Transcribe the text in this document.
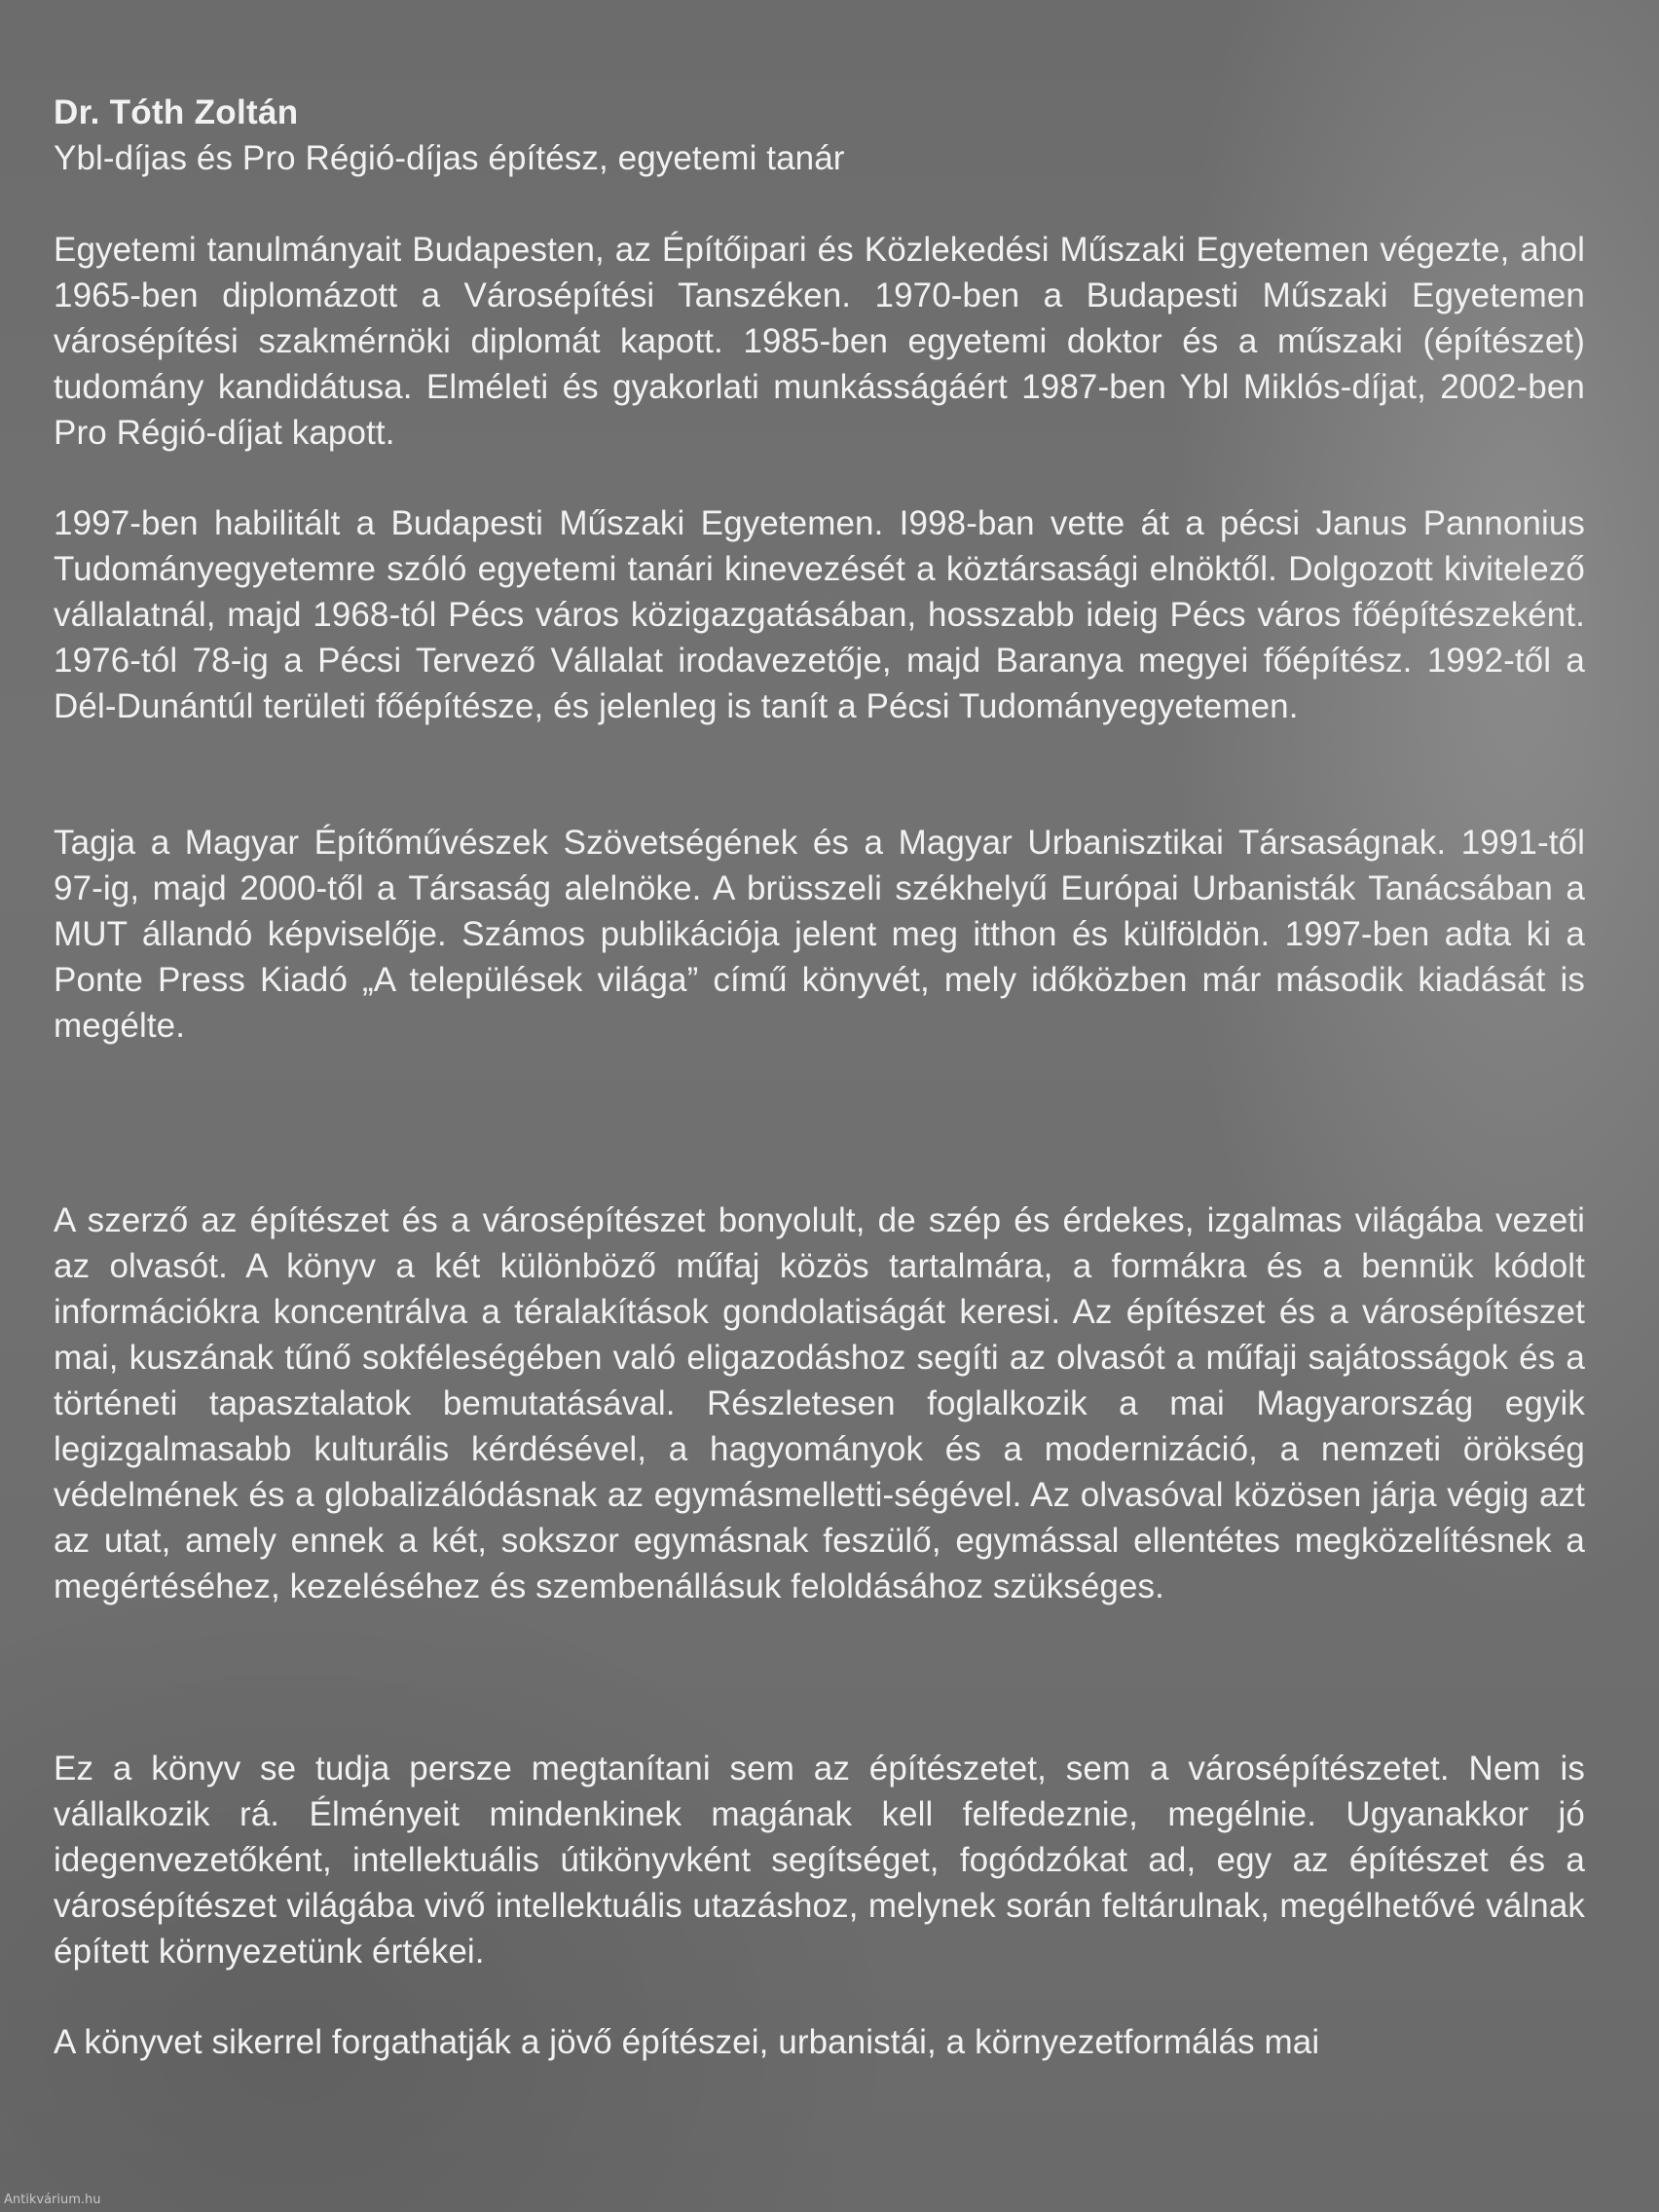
Dr. Tóth Zoltán
Ybl-díjas és Pro Régió-díjas építész, egyetemi tanár

Egyetemi tanulmányait Budapesten, az Építőipari és Közlekedési Műszaki Egyetemen végezte, ahol 1965-ben diplomázott a Városépítési Tanszéken. 1970-ben a Budapesti Műszaki Egyetemen városépítési szakmérnöki diplomát kapott. 1985-ben egyetemi doktor és a műszaki (építészet) tudomány kandidátusa. Elméleti és gyakorlati munkásságáért 1987-ben Ybl Miklós-díjat, 2002-ben Pro Régió-díjat kapott.

1997-ben habilitált a Budapesti Műszaki Egyetemen. I998-ban vette át a pécsi Janus Pannonius Tudományegyetemre szóló egyetemi tanári kinevezését a köztársasági elnöktől. Dolgozott kivitelező vállalatnál, majd 1968-tól Pécs város közigazgatásában, hosszabb ideig Pécs város főépítészeként. 1976-tól 78-ig a Pécsi Tervező Vállalat irodavezetője, majd Baranya megyei főépítész. 1992-től a Dél-Dunántúl területi főépítésze, és jelenleg is tanít a Pécsi Tudományegyetemen.

Tagja a Magyar Építőművészek Szövetségének és a Magyar Urbanisztikai Társaságnak. 1991-től 97-ig, majd 2000-től a Társaság alelnöke. A brüsszeli székhelyű Európai Urbanisták Tanácsában a MUT állandó képviselője. Számos publikációja jelent meg itthon és külföldön. 1997-ben adta ki a Ponte Press Kiadó „A települések világa” című könyvét, mely időközben már második kiadását is megélte.

A szerző az építészet és a városépítészet bonyolult, de szép és érdekes, izgalmas világába vezeti az olvasót. A könyv a két különböző műfaj közös tartalmára, a formákra és a bennük kódolt információkra koncentrálva a téralakítások gondolatiságát keresi. Az építészet és a városépítészet mai, kuszának tűnő sokféleségében való eligazodáshoz segíti az olvasót a műfaji sajátosságok és a történeti tapasztalatok bemutatásával. Részletesen foglalkozik a mai Magyarország egyik legizgalmasabb kulturális kérdésével, a hagyományok és a modernizáció, a nemzeti örökség védelmének és a globalizálódásnak az egymásmelletti-ségével. Az olvasóval közösen járja végig azt az utat, amely ennek a két, sokszor egymásnak feszülő, egymással ellentétes megközelítésnek a megértéséhez, kezeléséhez és szembenállásuk feloldásához szükséges.

Ez a könyv se tudja persze megtanítani sem az építészetet, sem a városépítészetet. Nem is vállalkozik rá. Élményeit mindenkinek magának kell felfedeznie, megélnie. Ugyanakkor jó idegenvezetőként, intellektuális útikönyvként segítséget, fogódzókat ad, egy az építészet és a városépítészet világába vivő intellektuális utazáshoz, melynek során feltárulnak, megélhetővé válnak épített környezetünk értékei.

A könyvet sikerrel forgathatják a jövő építészei, urbanistái, a környezetformálás mai

Antikvárium.hu
